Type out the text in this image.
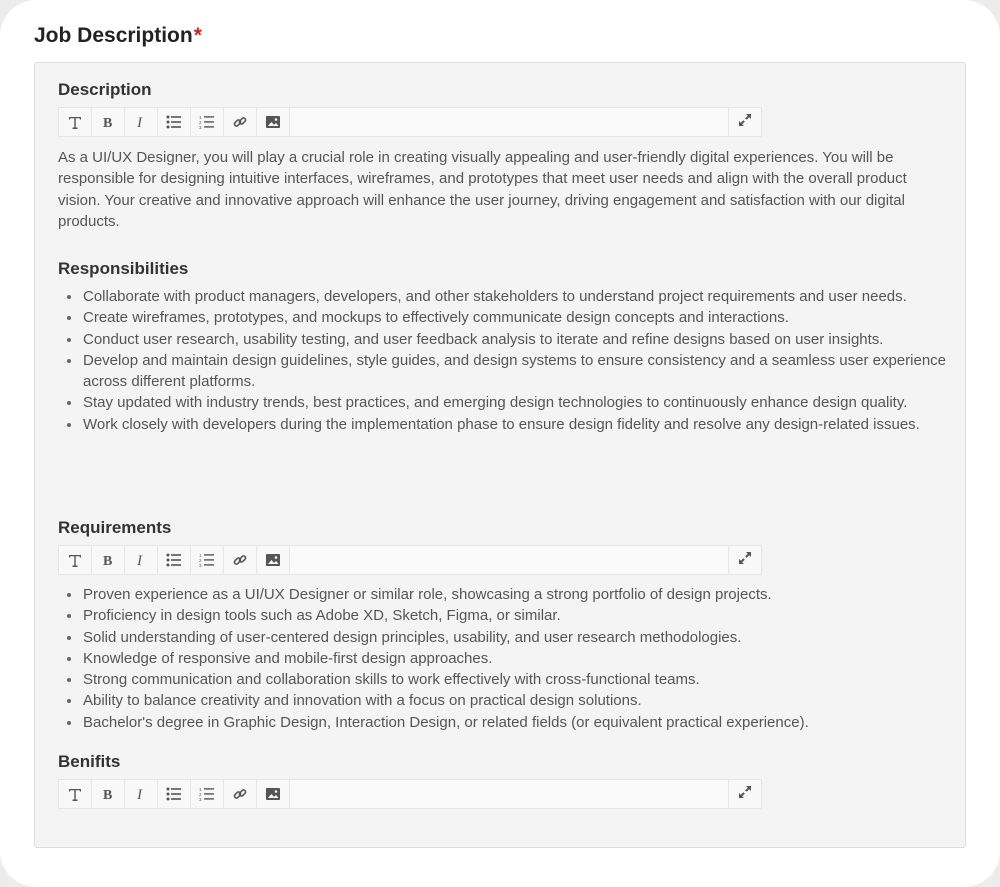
Job Description*
Description
B I	1
2
3

As a UI/UX Designer, you will play a crucial role in creating visually appealing and user-friendly digital experiences. You will be responsible for designing intuitive interfaces, wireframes, and prototypes that meet user needs and align with the overall product vision. Your creative and innovative approach will enhance the user journey, driving engagement and satisfaction with our digital products.

Responsibilities
Collaborate with product managers, developers, and other stakeholders to understand project requirements and user needs.
Create wireframes, prototypes, and mockups to effectively communicate design concepts and interactions.
Conduct user research, usability testing, and user feedback analysis to iterate and refine designs based on user insights.
Develop and maintain design guidelines, style guides, and design systems to ensure consistency and a seamless user experience across different platforms.
Stay updated with industry trends, best practices, and emerging design technologies to continuously enhance design quality.
Work closely with developers during the implementation phase to ensure design fidelity and resolve any design-related issues.
Requirements
B I	1
2
3
Proven experience as a UI/UX Designer or similar role, showcasing a strong portfolio of design projects.
Proficiency in design tools such as Adobe XD, Sketch, Figma, or similar.
Solid understanding of user-centered design principles, usability, and user research methodologies.
Knowledge of responsive and mobile-first design approaches.
Strong communication and collaboration skills to work effectively with cross-functional teams.
Ability to balance creativity and innovation with a focus on practical design solutions.
Bachelor's degree in Graphic Design, Interaction Design, or related fields (or equivalent practical experience).
Benifits
B I	1
2
3
